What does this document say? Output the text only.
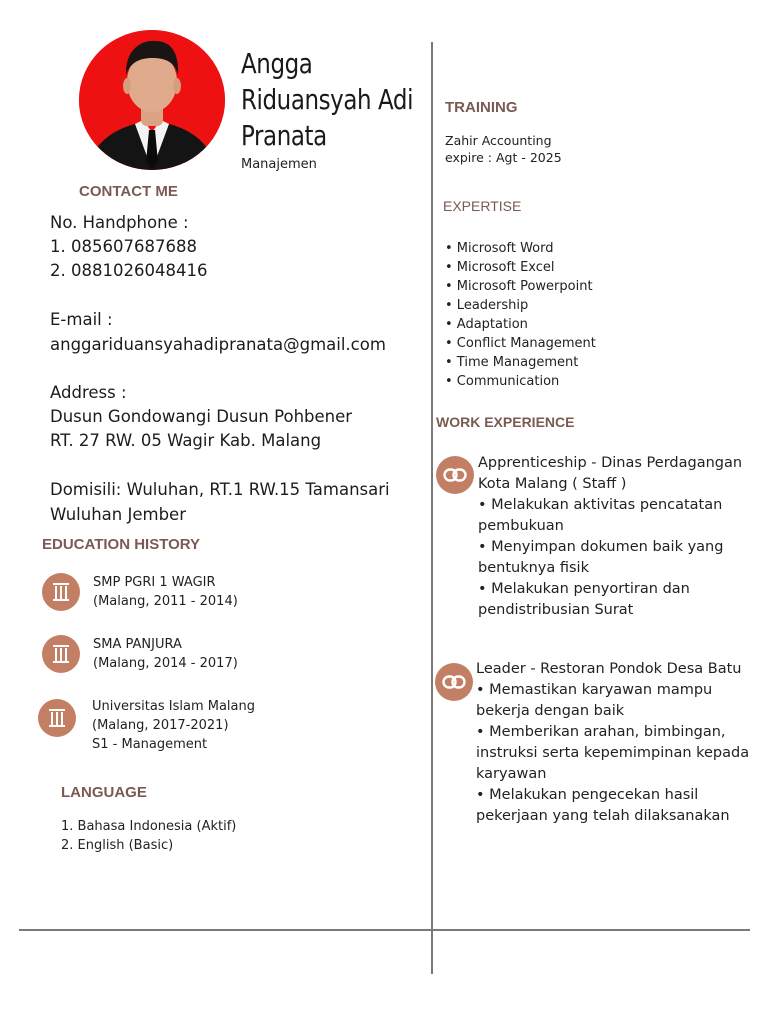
Angga
Riduansyah Adi
Pranata
Manajemen
CONTACT ME
No. Handphone :
1. 085607687688
2. 0881026048416
E-mail :
anggariduansyahadipranata@gmail.com
Address :
Dusun Gondowangi Dusun Pohbener
RT. 27 RW. 05 Wagir Kab. Malang
Domisili: Wuluhan, RT.1 RW.15 Tamansari
Wuluhan Jember
EDUCATION HISTORY
SMP PGRI 1 WAGIR
(Malang, 2011 - 2014)
SMA PANJURA
(Malang, 2014 - 2017)
Universitas Islam Malang
(Malang, 2017-2021)
S1 - Management
LANGUAGE
1. Bahasa Indonesia (Aktif)
2. English (Basic)
TRAINING
Zahir Accounting
expire : Agt - 2025
EXPERTISE
• Microsoft Word
• Microsoft Excel
• Microsoft Powerpoint
• Leadership
• Adaptation
• Conflict Management
• Time Management
• Communication
WORK EXPERIENCE
Apprenticeship - Dinas Perdagangan
Kota Malang ( Staff )
• Melakukan aktivitas pencatatan
pembukuan
• Menyimpan dokumen baik yang
bentuknya fisik
• Melakukan penyortiran dan
pendistribusian Surat
Leader - Restoran Pondok Desa Batu
• Memastikan karyawan mampu
bekerja dengan baik
• Memberikan arahan, bimbingan,
instruksi serta kepemimpinan kepada
karyawan
• Melakukan pengecekan hasil
pekerjaan yang telah dilaksanakan
